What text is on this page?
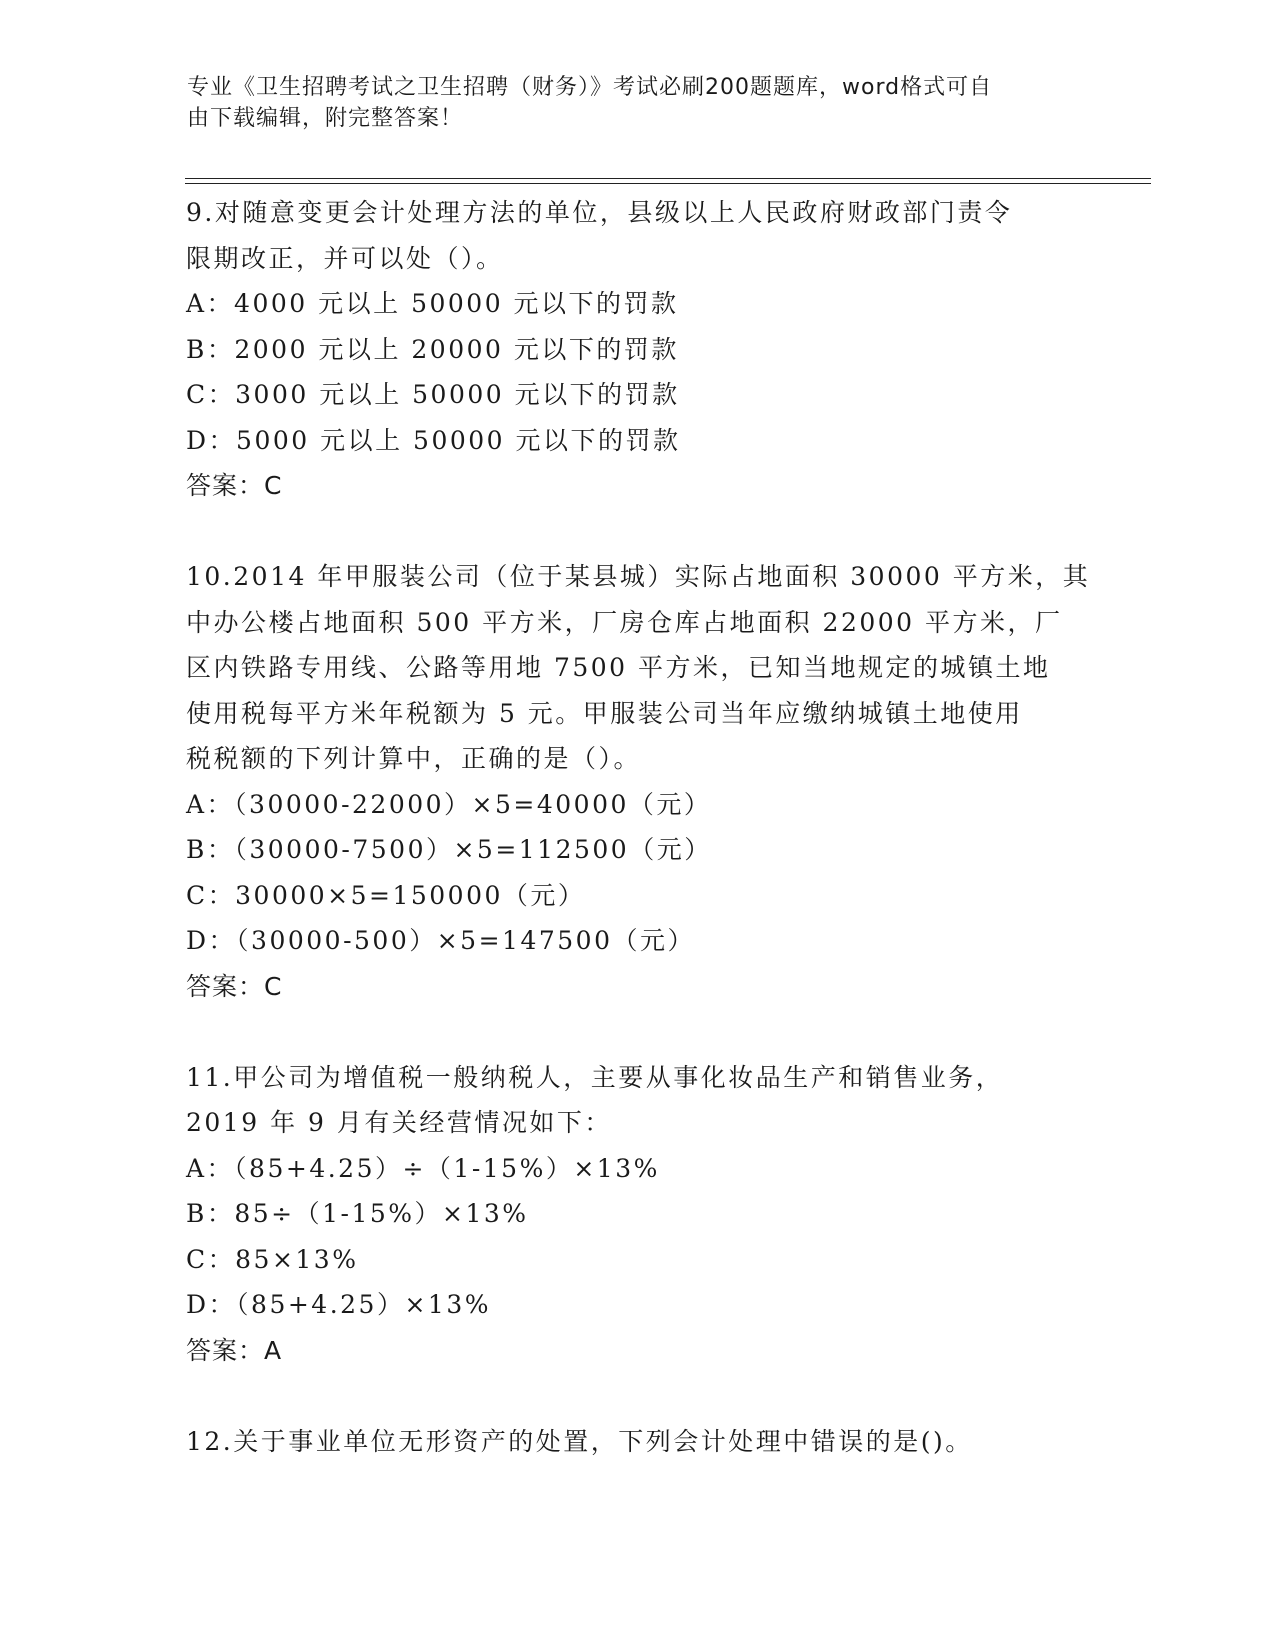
专业《卫生招聘考试之卫生招聘（财务）》考试必刷200题题库，word格式可自
由下载编辑，附完整答案！
9.对随意变更会计处理方法的单位，县级以上人民政府财政部门责令
限期改正，并可以处（）。
A：4000 元以上 50000 元以下的罚款
B：2000 元以上 20000 元以下的罚款
C：3000 元以上 50000 元以下的罚款
D：5000 元以上 50000 元以下的罚款
答案：C
10.2014 年甲服装公司（位于某县城）实际占地面积 30000 平方米，其
中办公楼占地面积 500 平方米，厂房仓库占地面积 22000 平方米，厂
区内铁路专用线、公路等用地 7500 平方米，已知当地规定的城镇土地
使用税每平方米年税额为 5 元。甲服装公司当年应缴纳城镇土地使用
税税额的下列计算中，正确的是（）。
A：（30000-22000）×5=40000（元）
B：（30000-7500）×5=112500（元）
C：30000×5=150000（元）
D：（30000-500）×5=147500（元）
答案：C
11.甲公司为增值税一般纳税人，主要从事化妆品生产和销售业务，
2019 年 9 月有关经营情况如下：
A：（85+4.25）÷（1-15%）×13%
B：85÷（1-15%）×13%
C：85×13%
D：（85+4.25）×13%
答案：A
12.关于事业单位无形资产的处置，下列会计处理中错误的是()。
